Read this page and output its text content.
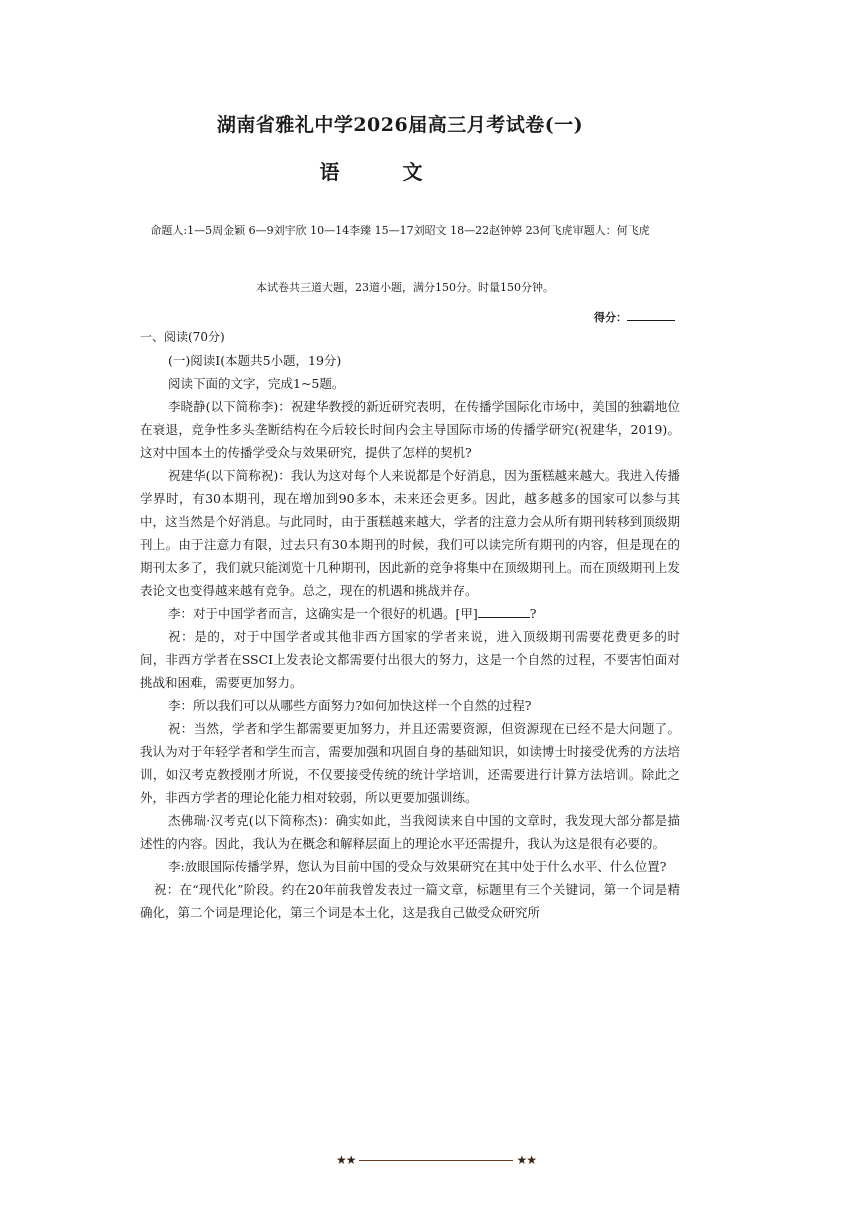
湖南省雅礼中学2026届高三月考试卷(一)
语 文
命题人:1—5周金颖 6—9刘宇欣 10—14李臻 15—17刘昭文 18—22赵钟婷 23何飞虎审题人：何飞虎
本试卷共三道大题，23道小题，满分150分。时量150分钟。
得分：

一、阅读(70分)

(一)阅读Ⅰ(本题共5小题，19分)

阅读下面的文字，完成1~5题。

李晓静(以下简称李)：祝建华教授的新近研究表明，在传播学国际化市场中，美国的独霸地位在衰退，竞争性多头垄断结构在今后较长时间内会主导国际市场的传播学研究(祝建华，2019)。这对中国本土的传播学受众与效果研究，提供了怎样的契机?

祝建华(以下简称祝)：我认为这对每个人来说都是个好消息，因为蛋糕越来越大。我进入传播学界时，有30本期刊，现在增加到90多本，未来还会更多。因此，越多越多的国家可以参与其中，这当然是个好消息。与此同时，由于蛋糕越来越大，学者的注意力会从所有期刊转移到顶级期刊上。由于注意力有限，过去只有30本期刊的时候，我们可以读完所有期刊的内容，但是现在的期刊太多了，我们就只能浏览十几种期刊，因此新的竞争将集中在顶级期刊上。而在顶级期刊上发表论文也变得越来越有竞争。总之，现在的机遇和挑战并存。

李：对于中国学者而言，这确实是一个很好的机遇。[甲]	?

祝：是的，对于中国学者或其他非西方国家的学者来说，进入顶级期刊需要花费更多的时间，非西方学者在SSCI上发表论文都需要付出很大的努力，这是一个自然的过程，不要害怕面对挑战和困难，需要更加努力。

李：所以我们可以从哪些方面努力?如何加快这样一个自然的过程?

祝：当然，学者和学生都需要更加努力，并且还需要资源，但资源现在已经不是大问题了。我认为对于年轻学者和学生而言，需要加强和巩固自身的基础知识，如读博士时接受优秀的方法培训，如汉考克教授刚才所说，不仅要接受传统的统计学培训，还需要进行计算方法培训。除此之外，非西方学者的理论化能力相对较弱，所以更要加强训练。

杰佛瑞·汉考克(以下简称杰)：确实如此，当我阅读来自中国的文章时，我发现大部分都是描述性的内容。因此，我认为在概念和解释层面上的理论水平还需提升，我认为这是很有必要的。

李:放眼国际传播学界，您认为目前中国的受众与效果研究在其中处于什么水平、什么位置?

祝：在“现代化”阶段。约在20年前我曾发表过一篇文章，标题里有三个关键词，第一个词是精确化，第二个词是理论化，第三个词是本土化，这是我自己做受众研究所

★★	★★
